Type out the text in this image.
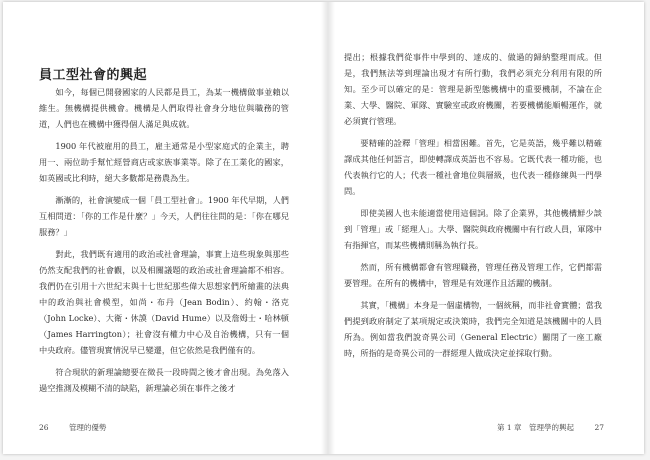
員工型社會的興起

如今，每個已開發國家的人民都是員工，為某一機構做事並賴以維生。無機構提供機會。機構是人們取得社會身分地位與職務的管道，人們也在機構中獲得個人滿足與成就。

1900 年代被雇用的員工，雇主通常是小型家庭式的企業主，聘用一、兩位助手幫忙經營商店或家族事業等。除了在工業化的國家，如英國或比利時，絕大多數都是務農為生。

漸漸的，社會演變成一個「員工型社會」。1900 年代早期，人們互相問道：「你的工作是什麼？」今天，人們往往問的是：「你在哪兒服務？」

對此，我們既有適用的政治或社會理論，事實上這些現象與那些仍然支配我們的社會觀，以及相關議題的政治或社會理論都不相容。我們仍在引用十六世紀末與十七世紀那些偉大思想家們所繪畫的法典中的政治與社會模型，如尚・布丹（Jean Bodin）、約翰・洛克（John Locke）、大衛・休謨（David Hume）以及詹姆士・哈林頓（James Harrington）；社會沒有權力中心及自治機構，只有一個中央政府。儘管現實情況早已變遷，但它依然是我們僅有的。

符合現狀的新理論總要在徵長一段時間之後才會出現。為免落入過空推測及模糊不清的缺陷，新理論必須在事件之後才

26	管理的優勢

提出；根據我們從事件中學到的、達成的、做過的歸納整理而成。但是，我們無法等到理論出現才有所行動，我們必須充分利用有限的所知。至少可以確定的是：管理是新型態機構中的重要機制，不論在企業、大學、醫院、軍隊、實驗室或政府機關，若要機構能順暢運作，就必須實行管理。

要精確的詮釋「管理」相當困難。首先，它是英語，幾乎難以精確譯成其他任何語言，即使轉譯成英語也不容易。它既代表一種功能，也代表執行它的人；代表一種社會地位與層級，也代表一種修練與一門學問。

即使美國人也未能適當使用這個詞。除了企業界，其他機構鮮少談到「管理」或「經理人」。大學、醫院與政府機關中有行政人員，軍隊中有指揮官，而某些機構則稱為執行長。

然而，所有機構都會有管理職務，管理任務及管理工作，它們都需要管理。在所有的機構中，管理是有效運作且活躍的機制。

其實，「機構」本身是一個虛構物，一個統稱，而非社會實體；當我們提到政府制定了某項規定或決策時，我們完全知道是該機關中的人員所為。例如當我們說奇異公司（General Electric）關閉了一座工廠時，所指的是奇異公司的一群經理人做成決定並採取行動。

第 1 章　管理學的興起	27
